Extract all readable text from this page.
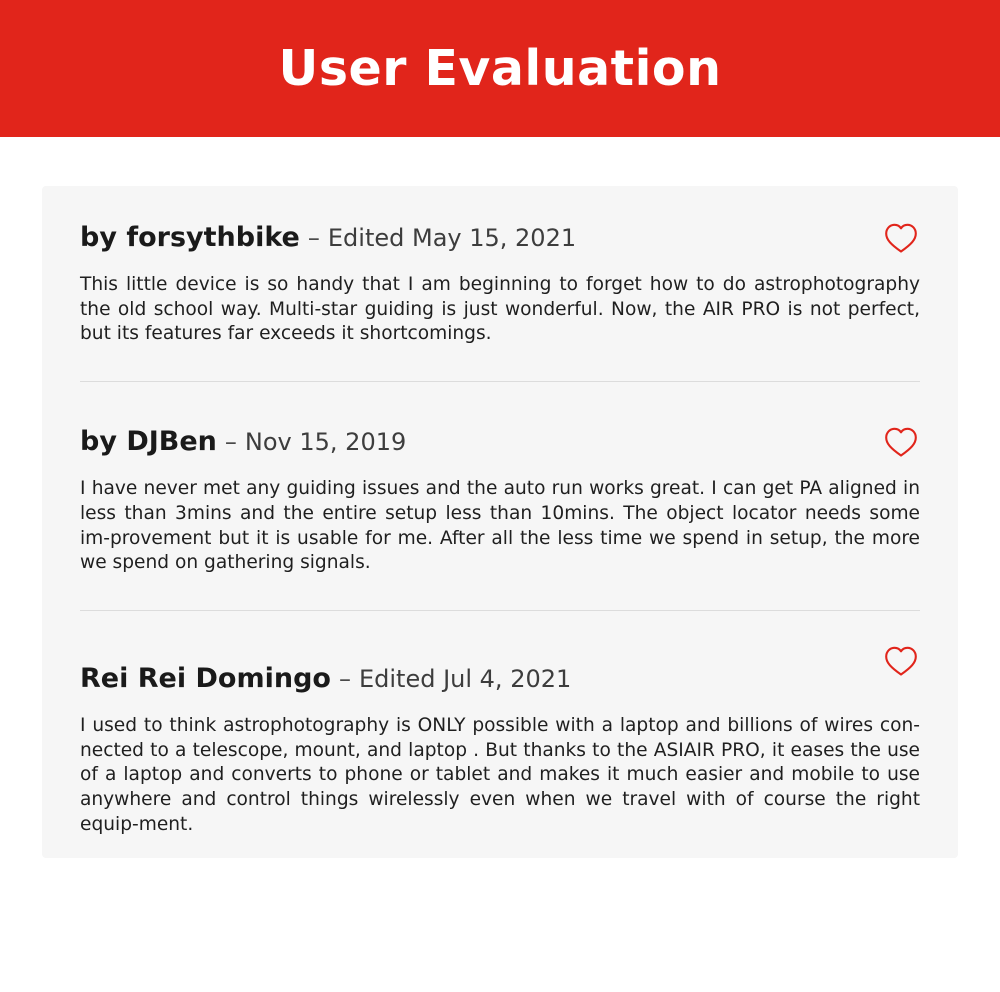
User Evaluation
by forsythbike – Edited May 15, 2021
This little device is so handy that I am beginning to forget how to do astrophotography the old school way. Multi-star guiding is just wonderful. Now, the AIR PRO is not perfect, but its features far exceeds it shortcomings.
by DJBen – Nov 15, 2019
I have never met any guiding issues and the auto run works great. I can get PA aligned in less than 3mins and the entire setup less than 10mins. The object locator needs some im-provement but it is usable for me. After all the less time we spend in setup, the more we spend on gathering signals.
Rei Rei Domingo – Edited Jul 4, 2021
I used to think astrophotography is ONLY possible with a laptop and billions of wires con-nected to a telescope, mount, and laptop . But thanks to the ASIAIR PRO, it eases the use of a laptop and converts to phone or tablet and makes it much easier and mobile to use anywhere and control things wirelessly even when we travel with of course the right equip-ment.
